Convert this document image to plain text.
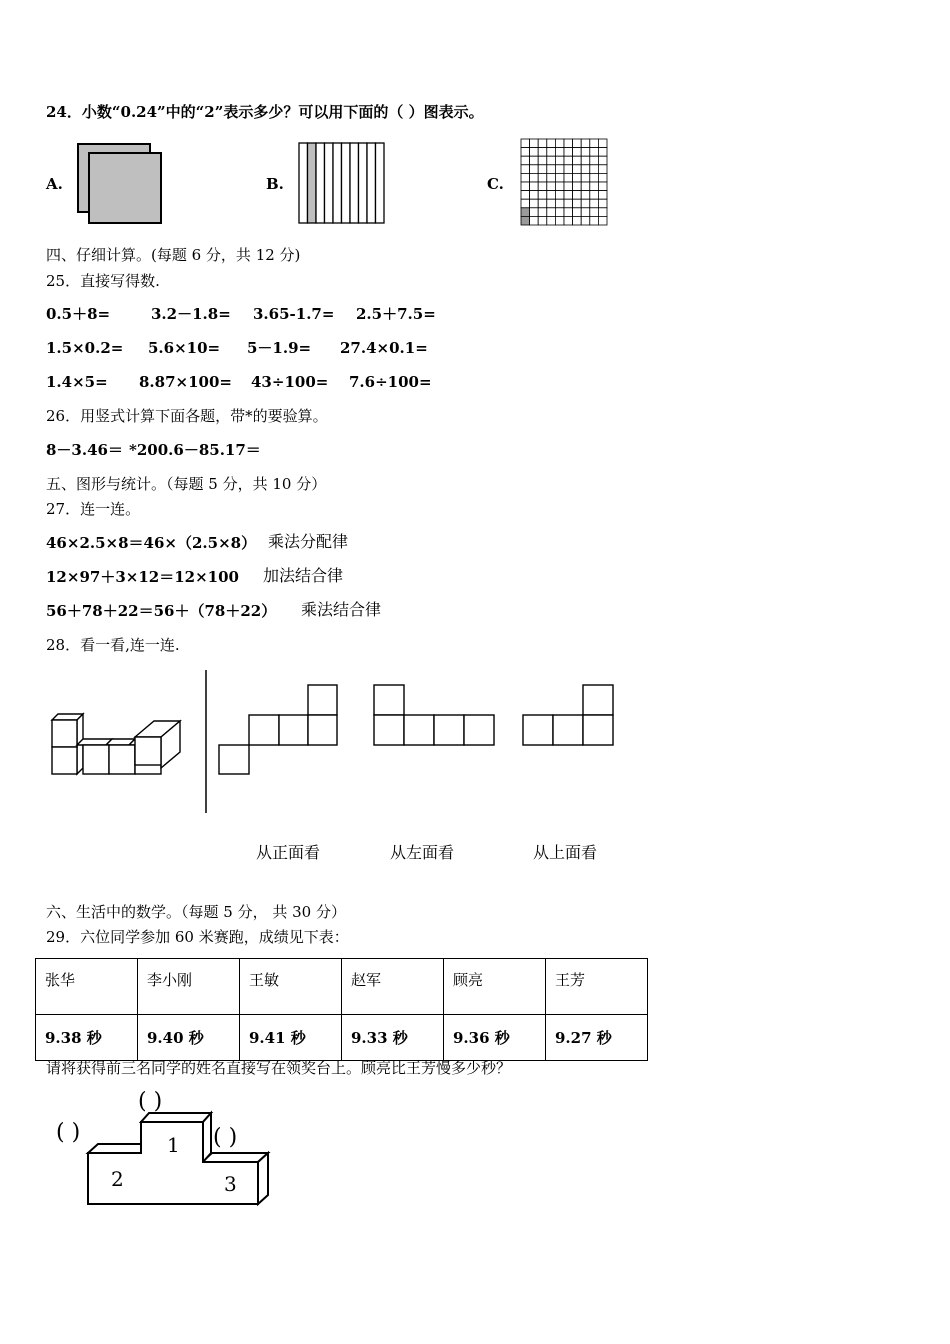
24．小数“0.24”中的“2”表示多少？可以用下面的（ ）图表示。
A.	B.	C.
四、仔细计算。(每题 6 分，共 12 分)
25．直接写得数.
0.5＋8=	3.2－1.8= 3.65-1.7= 2.5＋7.5=
1.5×0.2= 5.6×10= 5－1.9= 27.4×0.1=
1.4×5= 8.87×100= 43÷100= 7.6÷100=
26．用竖式计算下面各题，带*的要验算。
8－3.46＝ *200.6－85.17＝
五、图形与统计。（每题 5 分，共 10 分）
27．连一连。
46×2.5×8＝46×（2.5×8） 乘法分配律
12×97＋3×12＝12×100 加法结合律
56＋78＋22＝56＋（78＋22） 乘法结合律
28．看一看,连一连.
从正面看	从左面看	从上面看
六、生活中的数学。（每题 5 分， 共 30 分）
29．六位同学参加 60 米赛跑，成绩见下表：
张华	李小刚	王敏	赵军	顾亮	王芳
9.38 秒	9.40 秒	9.41 秒	9.33 秒	9.36 秒	9.27 秒
请将获得前三名同学的姓名直接写在领奖台上。顾亮比王芳慢多少秒？
1
2	3
( )
( )	( )
